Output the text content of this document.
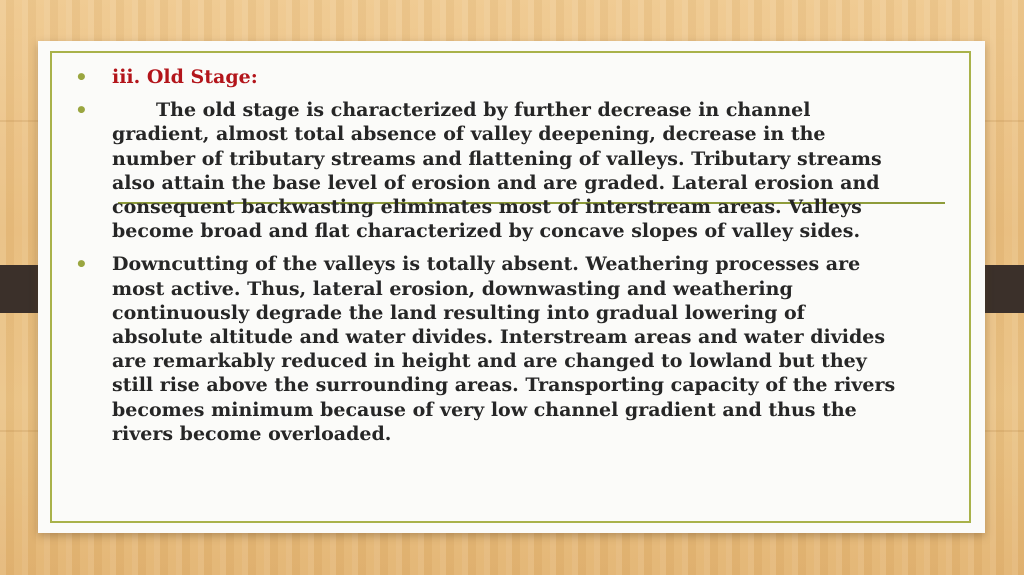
• iii. Old Stage:
•	The old stage is characterized by further decrease in channel gradient, almost total absence of valley deepening, decrease in the number of tributary streams and flattening of valleys. Tributary streams also attain the base level of erosion and are graded. Lateral erosion and consequent backwasting eliminates most of interstream areas. Valleys become broad and flat characterized by concave slopes of valley sides.
• Downcutting of the valleys is totally absent. Weathering processes are most active. Thus, lateral erosion, downwasting and weathering continuously degrade the land resulting into gradual lowering of absolute altitude and water divides. Interstream areas and water divides are remarkably reduced in height and are changed to lowland but they still rise above the surrounding areas. Transporting capacity of the rivers becomes minimum because of very low channel gradient and thus the rivers become overloaded.
